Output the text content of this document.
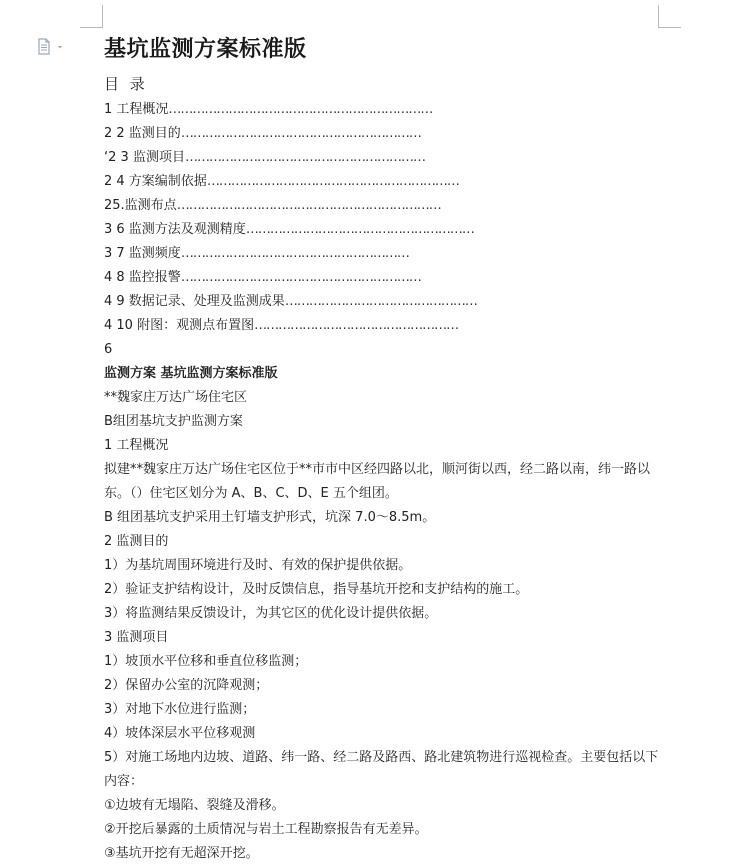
基坑监测方案标准版
目 录
1 工程概况…………………………………………………………
2 2 监测目的……………………………………………………
‘2 3 监测项目……………………………………………………
2 4 方案编制依据………………………………………………………
25.监测布点…………………………………………………………
3 6 监测方法及观测精度…………………………………………………
3 7 监测频度…………………………………………………
4 8 监控报警……………………………………………………
4 9 数据记录、处理及监测成果…………………………………………
4 10 附图：观测点布置图……………………………………………

6

监测方案 基坑监测方案标准版

**魏家庄万达广场住宅区

B组团基坑支护监测方案

1 工程概况

拟建**魏家庄万达广场住宅区位于**市市中区经四路以北，顺河街以西，经二路以南，纬一路以东。（）住宅区划分为 A、B、C、D、E 五个组团。

B 组团基坑支护采用土钉墙支护形式，坑深 7.0～8.5m。

2 监测目的

1）为基坑周围环境进行及时、有效的保护提供依据。

2）验证支护结构设计，及时反馈信息，指导基坑开挖和支护结构的施工。

3）将监测结果反馈设计，为其它区的优化设计提供依据。

3 监测项目

1）坡顶水平位移和垂直位移监测；

2）保留办公室的沉降观测；

3）对地下水位进行监测；

4）坡体深层水平位移观测

5）对施工场地内边坡、道路、纬一路、经二路及路西、路北建筑物进行巡视检查。主要包括以下内容：

①边坡有无塌陷、裂缝及滑移。

②开挖后暴露的土质情况与岩土工程勘察报告有无差异。

③基坑开挖有无超深开挖。
